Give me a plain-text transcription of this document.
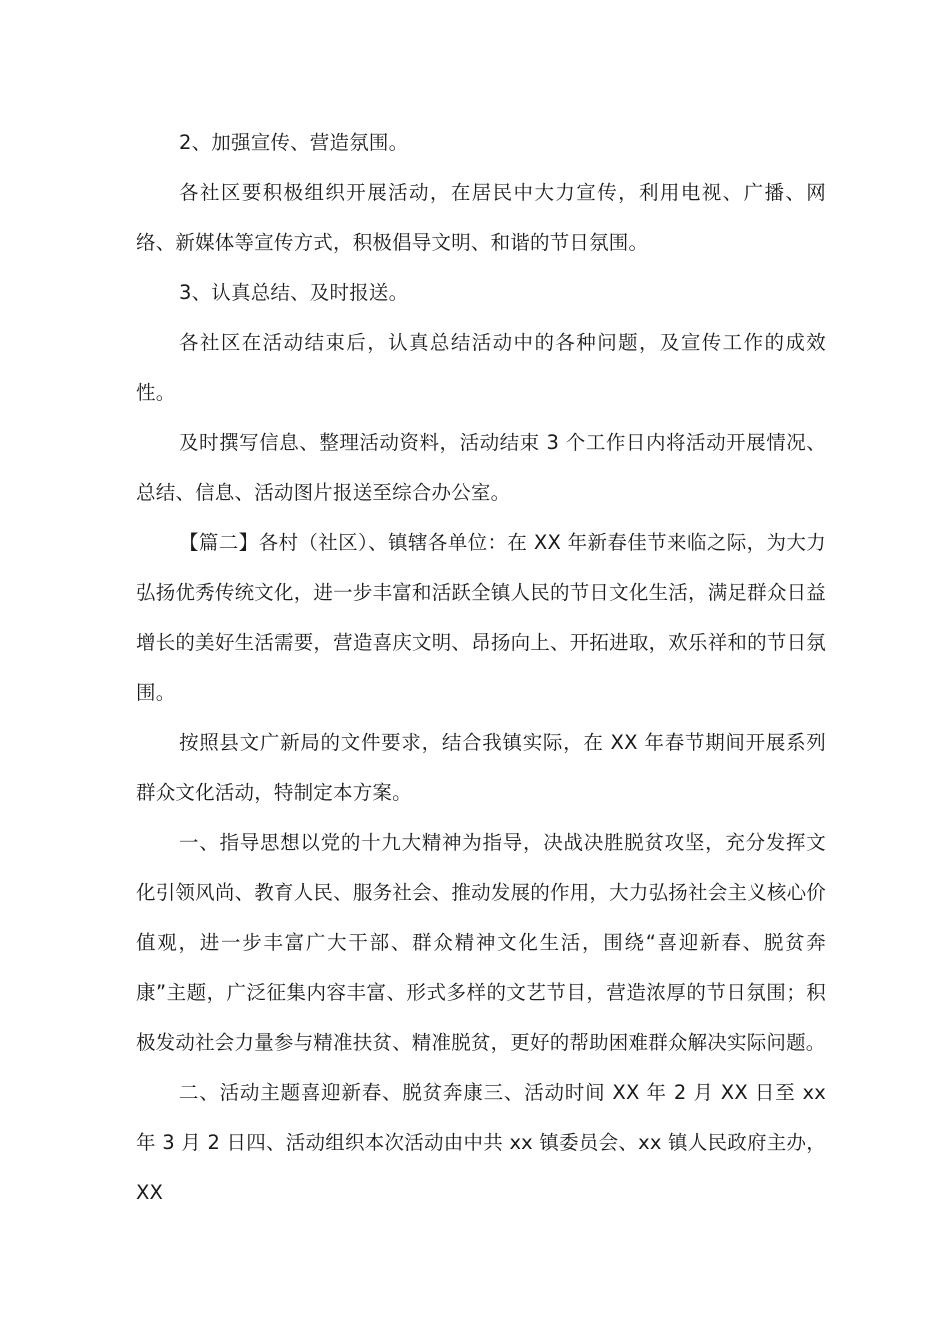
2、加强宣传、营造氛围。

各社区要积极组织开展活动，在居民中大力宣传，利用电视、广播、网络、新媒体等宣传方式，积极倡导文明、和谐的节日氛围。

3、认真总结、及时报送。

各社区在活动结束后，认真总结活动中的各种问题，及宣传工作的成效性。

及时撰写信息、整理活动资料，活动结束 3 个工作日内将活动开展情况、总结、信息、活动图片报送至综合办公室。

【篇二】各村（社区）、镇辖各单位：在 XX 年新春佳节来临之际，为大力弘扬优秀传统文化，进一步丰富和活跃全镇人民的节日文化生活，满足群众日益增长的美好生活需要，营造喜庆文明、昂扬向上、开拓进取，欢乐祥和的节日氛围。

按照县文广新局的文件要求，结合我镇实际，在 XX 年春节期间开展系列群众文化活动，特制定本方案。

一、指导思想以党的十九大精神为指导，决战决胜脱贫攻坚，充分发挥文化引领风尚、教育人民、服务社会、推动发展的作用，大力弘扬社会主义核心价值观，进一步丰富广大干部、群众精神文化生活，围绕“喜迎新春、脱贫奔康”主题，广泛征集内容丰富、形式多样的文艺节目，营造浓厚的节日氛围；积极发动社会力量参与精准扶贫、精准脱贫，更好的帮助困难群众解决实际问题。

二、活动主题喜迎新春、脱贫奔康三、活动时间 XX 年 2 月 XX 日至 xx 年 3 月 2 日四、活动组织本次活动由中共 xx 镇委员会、xx 镇人民政府主办，XX
